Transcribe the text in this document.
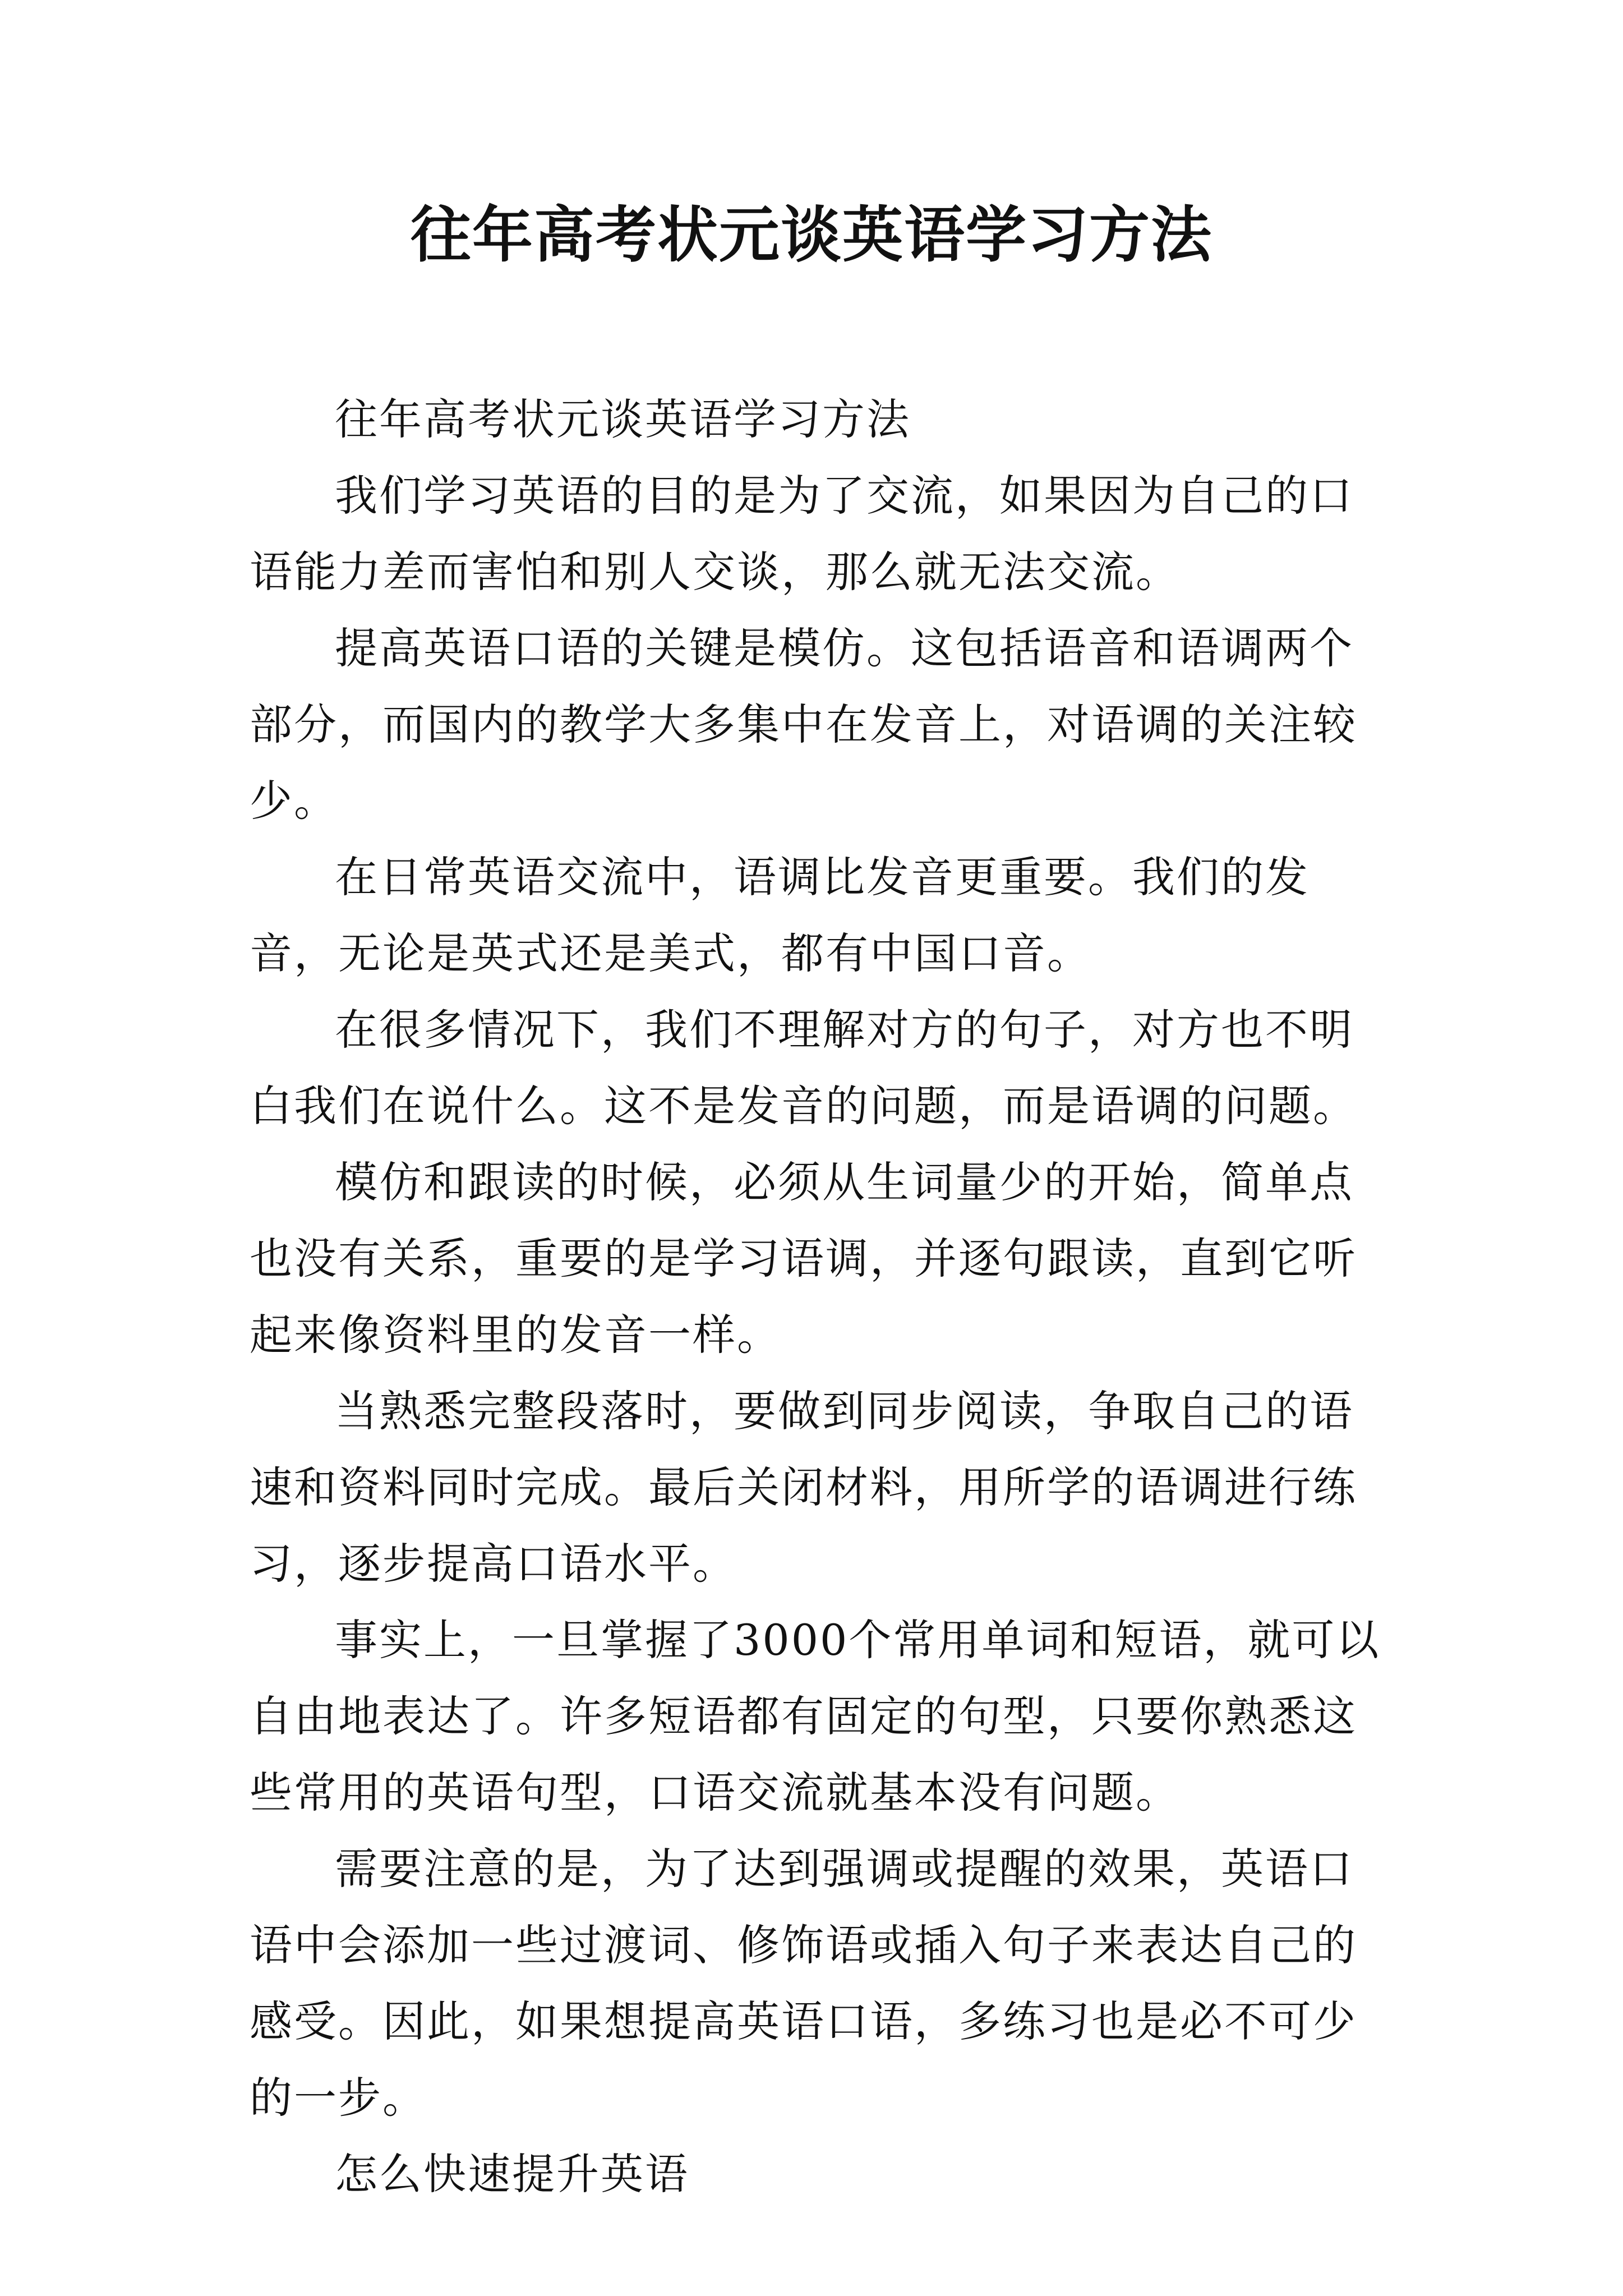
往年高考状元谈英语学习方法

往年高考状元谈英语学习方法

我们学习英语的目的是为了交流，如果因为自己的口语能力差而害怕和别人交谈，那么就无法交流。

提高英语口语的关键是模仿。这包括语音和语调两个部分，而国内的教学大多集中在发音上，对语调的关注较少。

在日常英语交流中，语调比发音更重要。我们的发音，无论是英式还是美式，都有中国口音。

在很多情况下，我们不理解对方的句子，对方也不明白我们在说什么。这不是发音的问题，而是语调的问题。

模仿和跟读的时候，必须从生词量少的开始，简单点也没有关系，重要的是学习语调，并逐句跟读，直到它听起来像资料里的发音一样。

当熟悉完整段落时，要做到同步阅读，争取自己的语速和资料同时完成。最后关闭材料，用所学的语调进行练习，逐步提高口语水平。

事实上，一旦掌握了3000个常用单词和短语，就可以自由地表达了。许多短语都有固定的句型，只要你熟悉这些常用的英语句型，口语交流就基本没有问题。

需要注意的是，为了达到强调或提醒的效果，英语口语中会添加一些过渡词、修饰语或插入句子来表达自己的感受。因此，如果想提高英语口语，多练习也是必不可少的一步。

怎么快速提升英语
